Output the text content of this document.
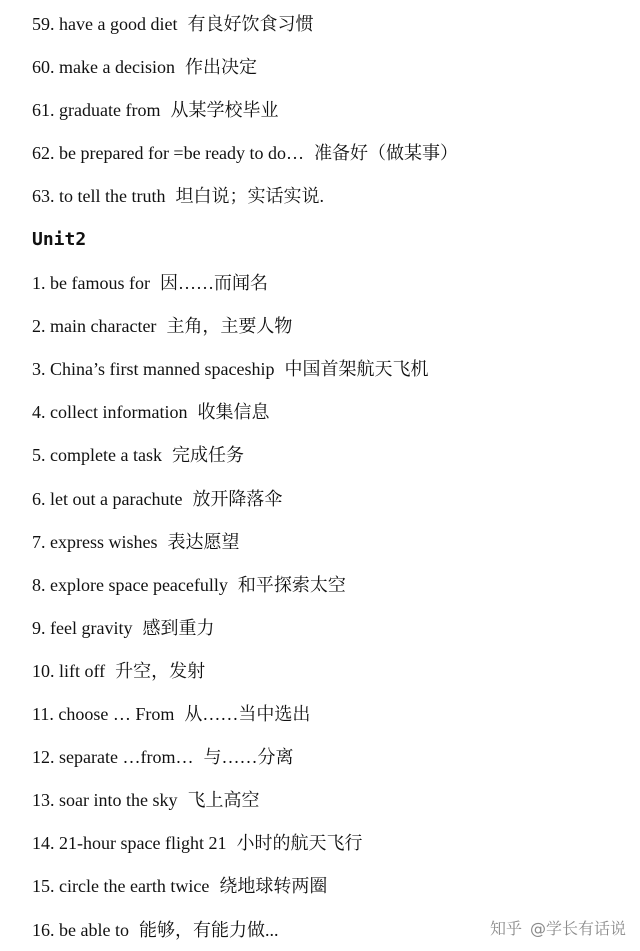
59. have a good diet 有良好饮食习惯
60. make a decision 作出决定
61. graduate from 从某学校毕业
62. be prepared for =be ready to do… 准备好（做某事）
63. to tell the truth 坦白说；实话实说.
Unit2
1. be famous for 因……而闻名
2. main character 主角，主要人物
3. China’s first manned spaceship 中国首架航天飞机
4. collect information 收集信息
5. complete a task 完成任务
6. let out a parachute 放开降落伞
7. express wishes 表达愿望
8. explore space peacefully 和平探索太空
9. feel gravity 感到重力
10. lift off 升空，发射
11. choose … From 从……当中选出
12. separate …from… 与……分离
13. soar into the sky 飞上高空
14. 21-hour space flight 21 小时的航天飞行
15. circle the earth twice 绕地球转两圈
16. be able to 能够，有能力做...	知乎 @学长有话说
